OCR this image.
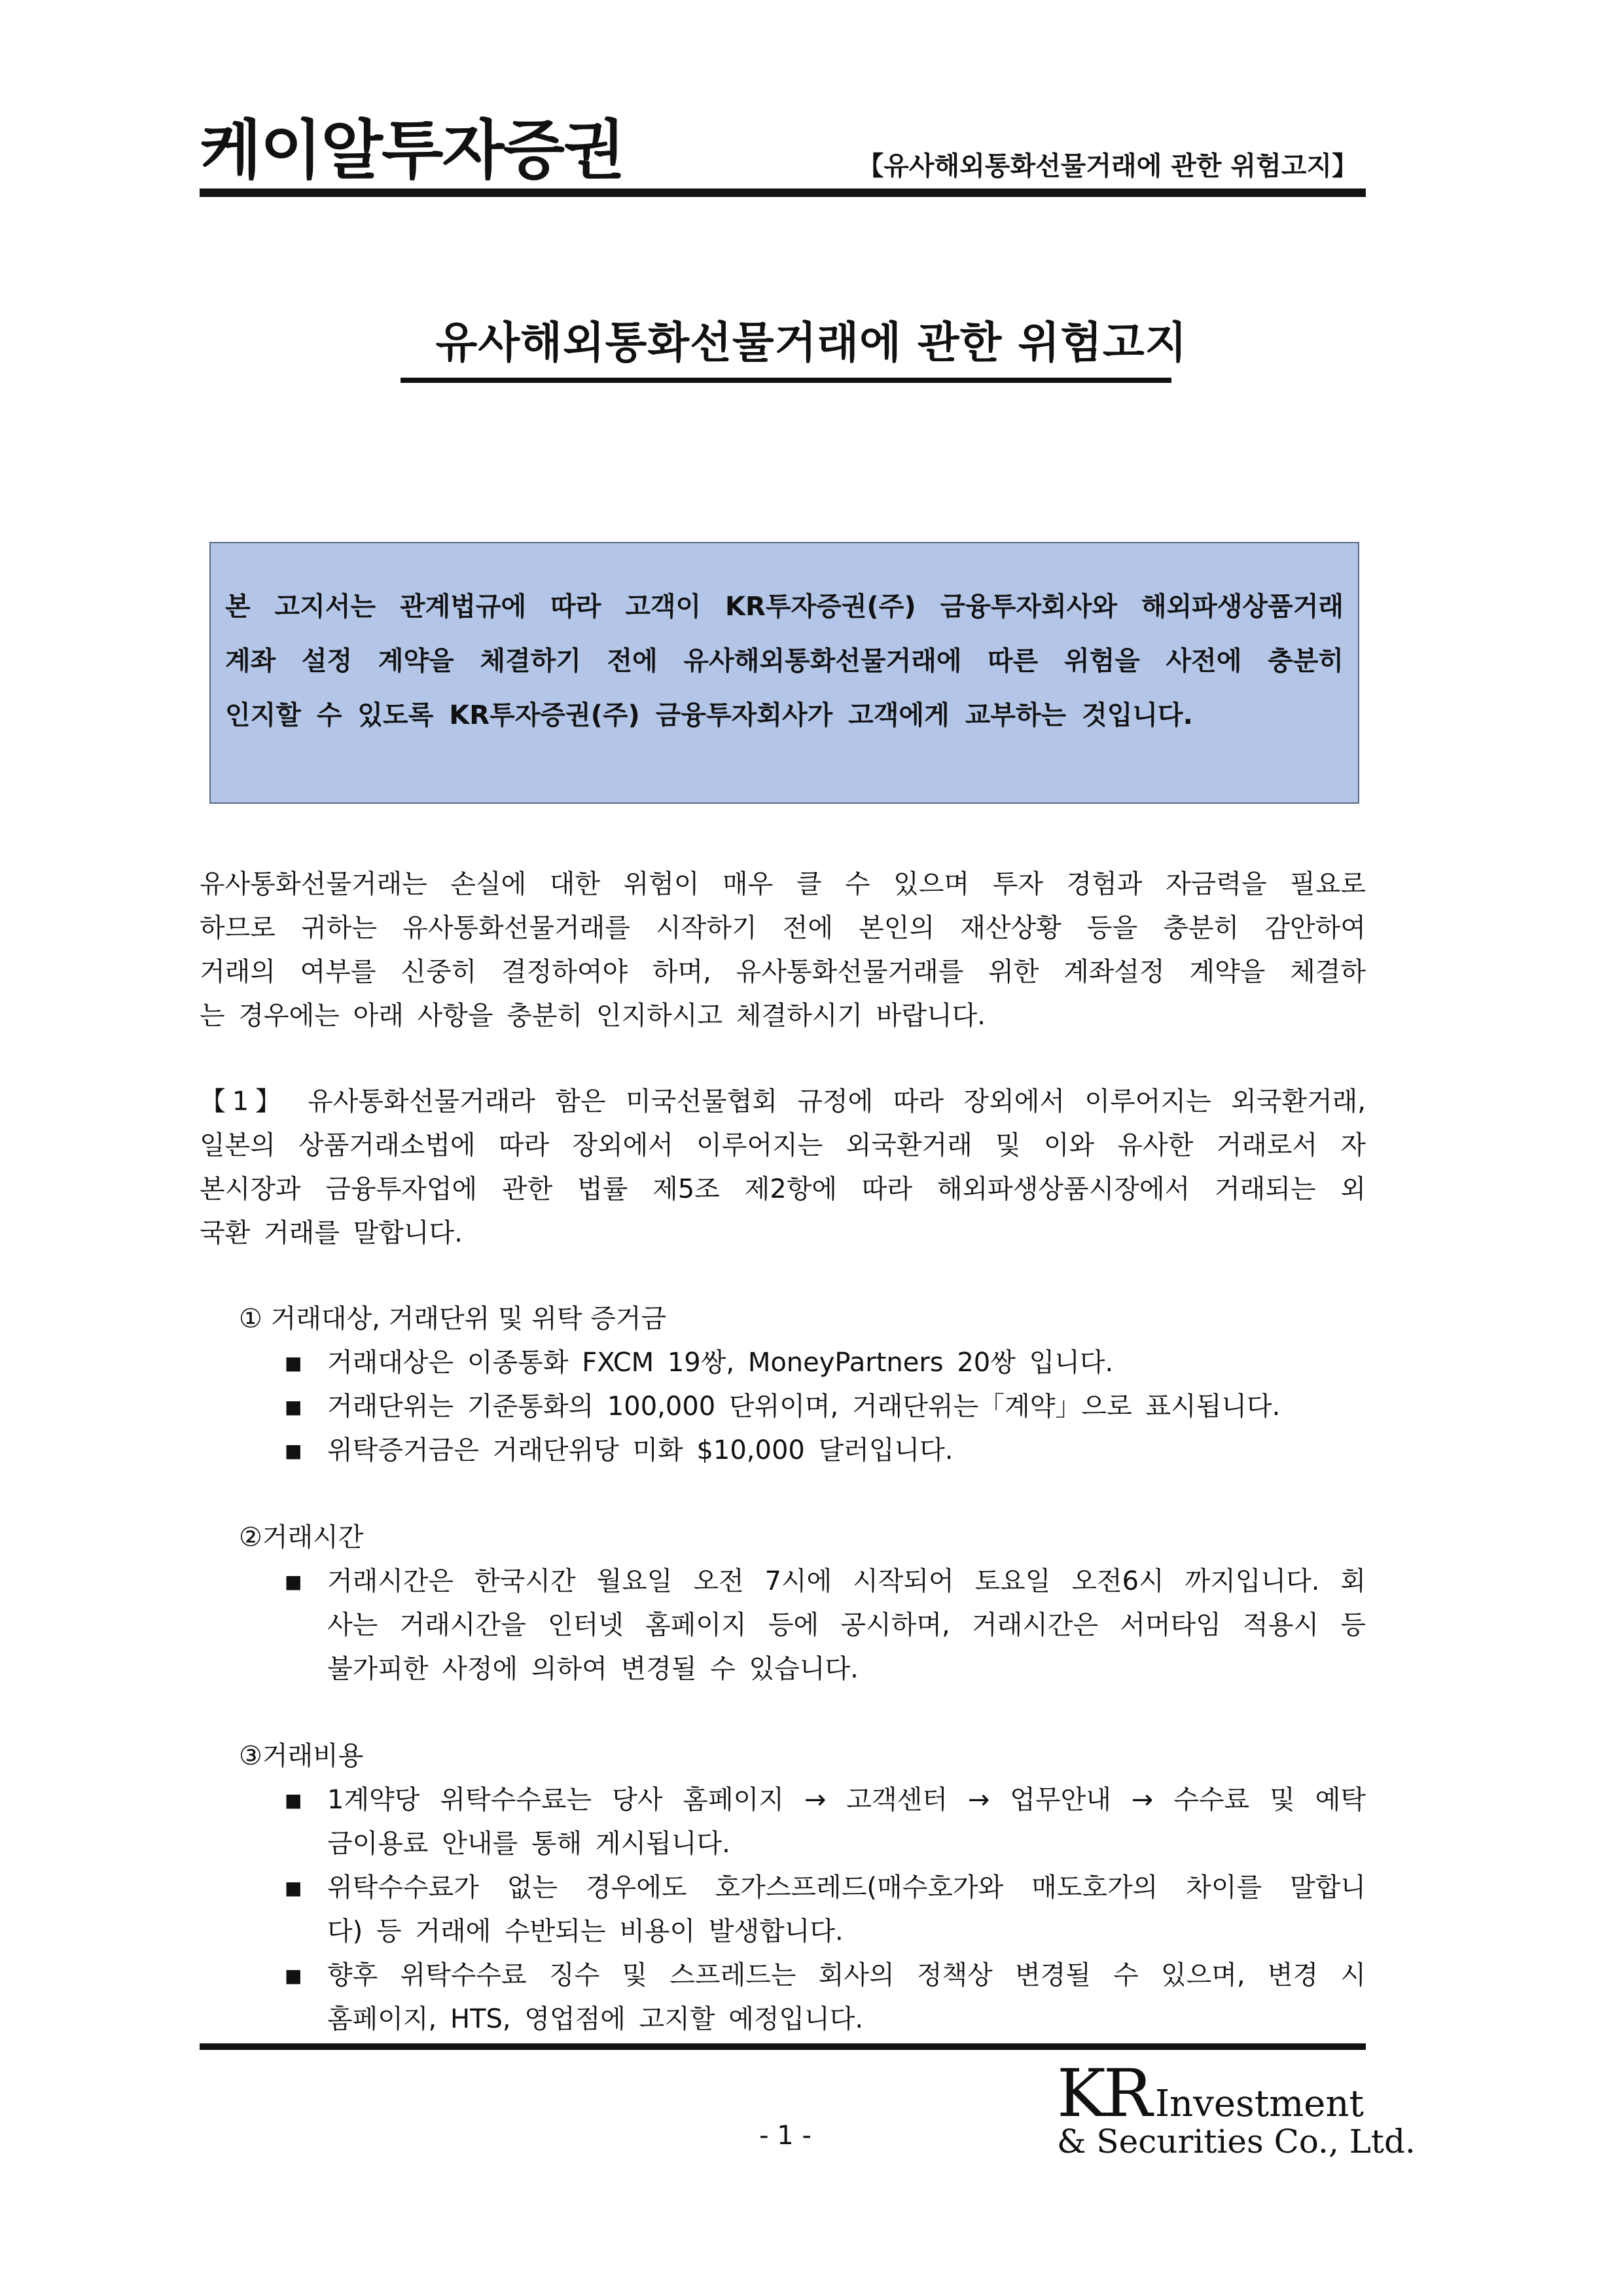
케이알투자증권	【유사해외통화선물거래에 관한 위험고지】
유사해외통화선물거래에 관한 위험고지

본 고지서는 관계법규에 따라 고객이 KR투자증권(주) 금융투자회사와 해외파생상품거래

계좌 설정 계약을 체결하기 전에 유사해외통화선물거래에 따른 위험을 사전에 충분히

인지할 수 있도록 KR투자증권(주) 금융투자회사가 고객에게 교부하는 것입니다.

유사통화선물거래는 손실에 대한 위험이 매우 클 수 있으며 투자 경험과 자금력을 필요로
하므로 귀하는 유사통화선물거래를 시작하기 전에 본인의 재산상황 등을 충분히 감안하여
거래의 여부를 신중히 결정하여야 하며, 유사통화선물거래를 위한 계좌설정 계약을 체결하
는 경우에는 아래 사항을 충분히 인지하시고 체결하시기 바랍니다.

【1】 유사통화선물거래라 함은 미국선물협회 규정에 따라 장외에서 이루어지는 외국환거래,
일본의 상품거래소법에 따라 장외에서 이루어지는 외국환거래 및 이와 유사한 거래로서 자
본시장과 금융투자업에 관한 법률 제5조 제2항에 따라 해외파생상품시장에서 거래되는 외
국환 거래를 말합니다.

① 거래대상, 거래단위 및 위탁 증거금
■ 거래대상은 이종통화 FXCM 19쌍, MoneyPartners 20쌍 입니다.
■ 거래단위는 기준통화의 100,000 단위이며, 거래단위는「계약」으로 표시됩니다.
■ 위탁증거금은 거래단위당 미화 $10,000 달러입니다.
②거래시간
■ 거래시간은 한국시간 월요일 오전 7시에 시작되어 토요일 오전6시 까지입니다. 회
사는 거래시간을 인터넷 홈페이지 등에 공시하며, 거래시간은 서머타임 적용시 등
불가피한 사정에 의하여 변경될 수 있습니다.
③거래비용
■ 1계약당 위탁수수료는 당사 홈페이지 → 고객센터 → 업무안내 → 수수료 및 예탁
금이용료 안내를 통해 게시됩니다.
■ 위탁수수료가 없는 경우에도 호가스프레드(매수호가와 매도호가의 차이를 말합니
다) 등 거래에 수반되는 비용이 발생합니다.
■ 향후 위탁수수료 징수 및 스프레드는 회사의 정책상 변경될 수 있으며, 변경 시
홈페이지, HTS, 영업점에 고지할 예정입니다.
- 1 -
KR Investment
& Securities Co., Ltd.
